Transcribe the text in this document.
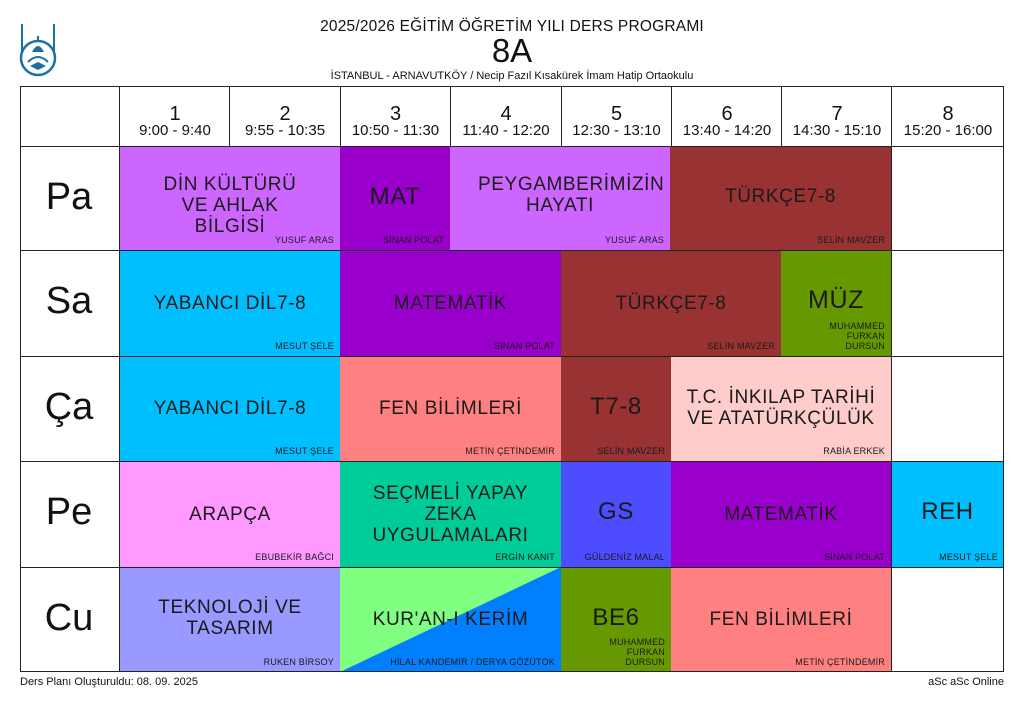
2025/2026 EĞİTİM ÖĞRETİM YILI DERS PROGRAMI
8A
İSTANBUL - ARNAVUTKÖY / Necip Fazıl Kısakürek İmam Hatip Ortaokulu
DİN KÜLTÜRÜ VE AHLAK BİLGİSİ
YUSUF ARAS
MAT
SİNAN POLAT
PEYGAMBERİMİZİN HAYATI
YUSUF ARAS
TÜRKÇE7-8
SELİN MAVZER
YABANCI DİL7-8
MESUT ŞELE
MATEMATİK
SİNAN POLAT
TÜRKÇE7-8
SELİN MAVZER
MÜZ
MUHAMMED FURKAN DURSUN
YABANCI DİL7-8
MESUT ŞELE
FEN BİLİMLERİ
METİN ÇETİNDEMİR
T7-8
SELİN MAVZER
T.C. İNKILAP TARİHİ VE ATATÜRKÇÜLÜK
RABİA ERKEK
ARAPÇA
EBUBEKİR BAĞCI
SEÇMELİ YAPAY ZEKA UYGULAMALARI
ERGİN KANIT
GS
GÜLDENİZ MALAL
MATEMATİK
SİNAN POLAT
REH
MESUT ŞELE
TEKNOLOJİ VE TASARIM
RUKEN BİRSOY
KUR'AN-I KERİM
HİLAL KANDEMİR / DERYA GÖZÜTOK
BE6
MUHAMMED FURKAN DURSUN
FEN BİLİMLERİ
METİN ÇETİNDEMİR
1
9:00 - 9:40
2
9:55 - 10:35
3
10:50 - 11:30
4
11:40 - 12:20
5
12:30 - 13:10
6
13:40 - 14:20
7
14:30 - 15:10
8
15:20 - 16:00
Pa
Sa
Ça
Pe
Cu
Ders Planı Oluşturuldu: 08. 09. 2025	aSc aSc Online
